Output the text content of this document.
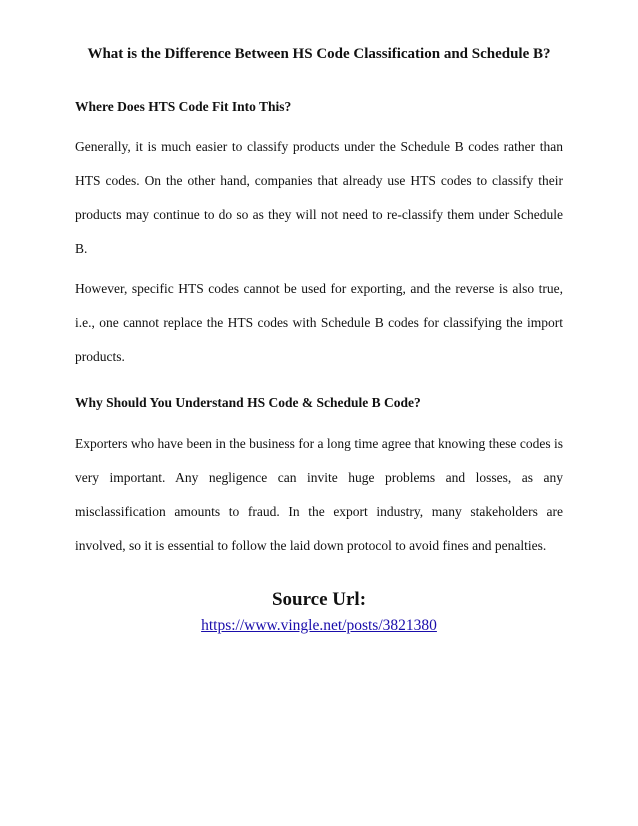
What is the Difference Between HS Code Classification and Schedule B?
Where Does HTS Code Fit Into This?

Generally, it is much easier to classify products under the Schedule B codes rather than HTS codes. On the other hand, companies that already use HTS codes to classify their products may continue to do so as they will not need to re-classify them under Schedule B.

However, specific HTS codes cannot be used for exporting, and the reverse is also true, i.e., one cannot replace the HTS codes with Schedule B codes for classifying the import products.

Why Should You Understand HS Code & Schedule B Code?

Exporters who have been in the business for a long time agree that knowing these codes is very important. Any negligence can invite huge problems and losses, as any misclassification amounts to fraud. In the export industry, many stakeholders are involved, so it is essential to follow the laid down protocol to avoid fines and penalties.

Source Url:
https://www.vingle.net/posts/3821380
